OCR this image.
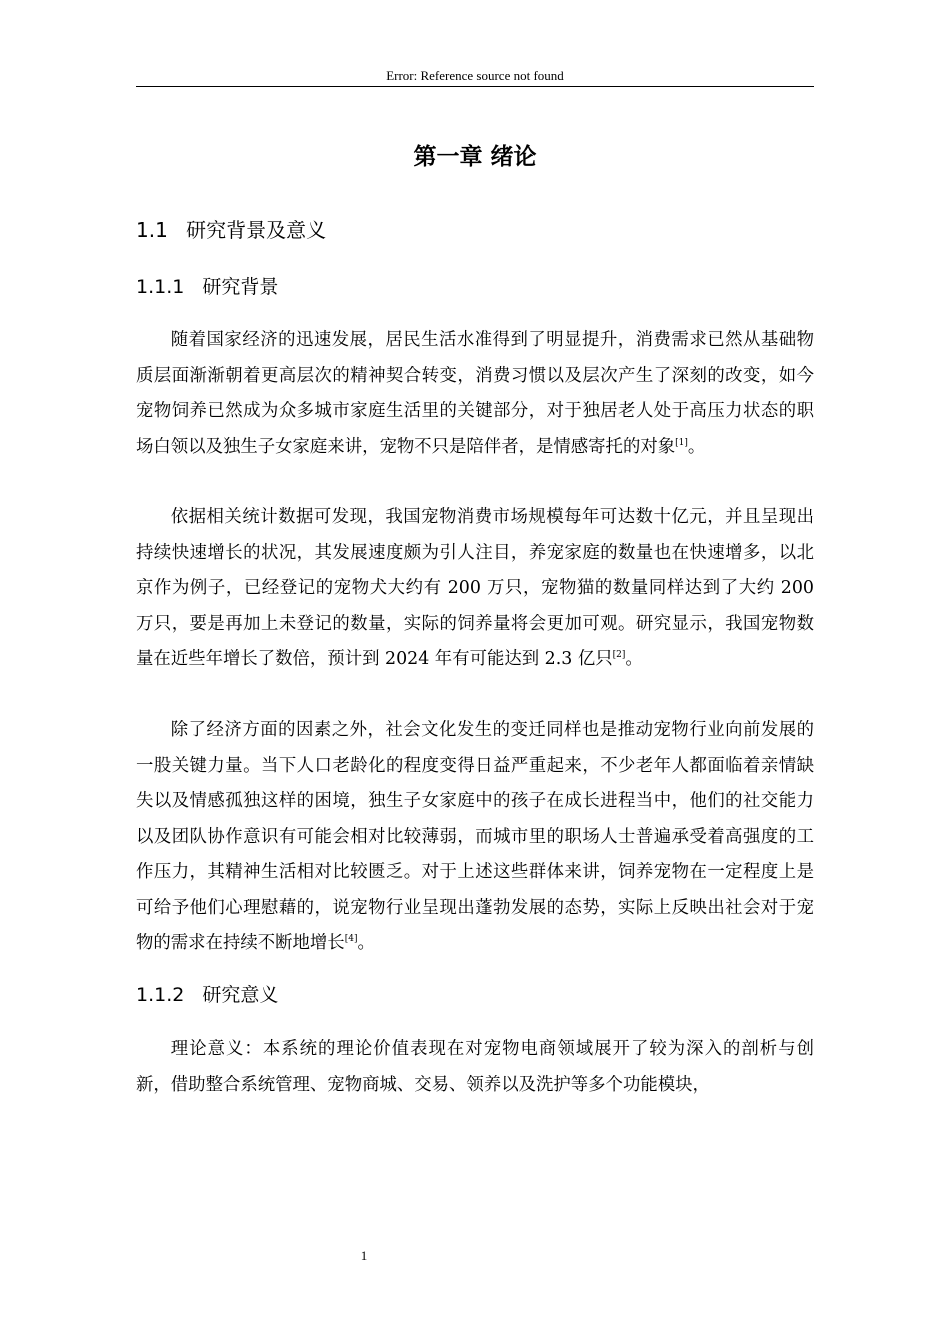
Error: Reference source not found
第一章 绪论
1.1 研究背景及意义
1.1.1 研究背景

随着国家经济的迅速发展，居民生活水准得到了明显提升，消费需求已然从基础物质层面渐渐朝着更高层次的精神契合转变，消费习惯以及层次产生了深刻的改变，如今宠物饲养已然成为众多城市家庭生活里的关键部分，对于独居老人处于高压力状态的职场白领以及独生子女家庭来讲，宠物不只是陪伴者，是情感寄托的对象[1]。

依据相关统计数据可发现，我国宠物消费市场规模每年可达数十亿元，并且呈现出持续快速增长的状况，其发展速度颇为引人注目，养宠家庭的数量也在快速增多，以北京作为例子，已经登记的宠物犬大约有 200 万只，宠物猫的数量同样达到了大约 200 万只，要是再加上未登记的数量，实际的饲养量将会更加可观。研究显示，我国宠物数量在近些年增长了数倍，预计到 2024 年有可能达到 2.3 亿只[2]。

除了经济方面的因素之外，社会文化发生的变迁同样也是推动宠物行业向前发展的一股关键力量。当下人口老龄化的程度变得日益严重起来，不少老年人都面临着亲情缺失以及情感孤独这样的困境，独生子女家庭中的孩子在成长进程当中，他们的社交能力以及团队协作意识有可能会相对比较薄弱，而城市里的职场人士普遍承受着高强度的工作压力，其精神生活相对比较匮乏。对于上述这些群体来讲，饲养宠物在一定程度上是可给予他们心理慰藉的，说宠物行业呈现出蓬勃发展的态势，实际上反映出社会对于宠物的需求在持续不断地增长[4]。

1.1.2 研究意义

理论意义：本系统的理论价值表现在对宠物电商领域展开了较为深入的剖析与创新，借助整合系统管理、宠物商城、交易、领养以及洗护等多个功能模块，

1
